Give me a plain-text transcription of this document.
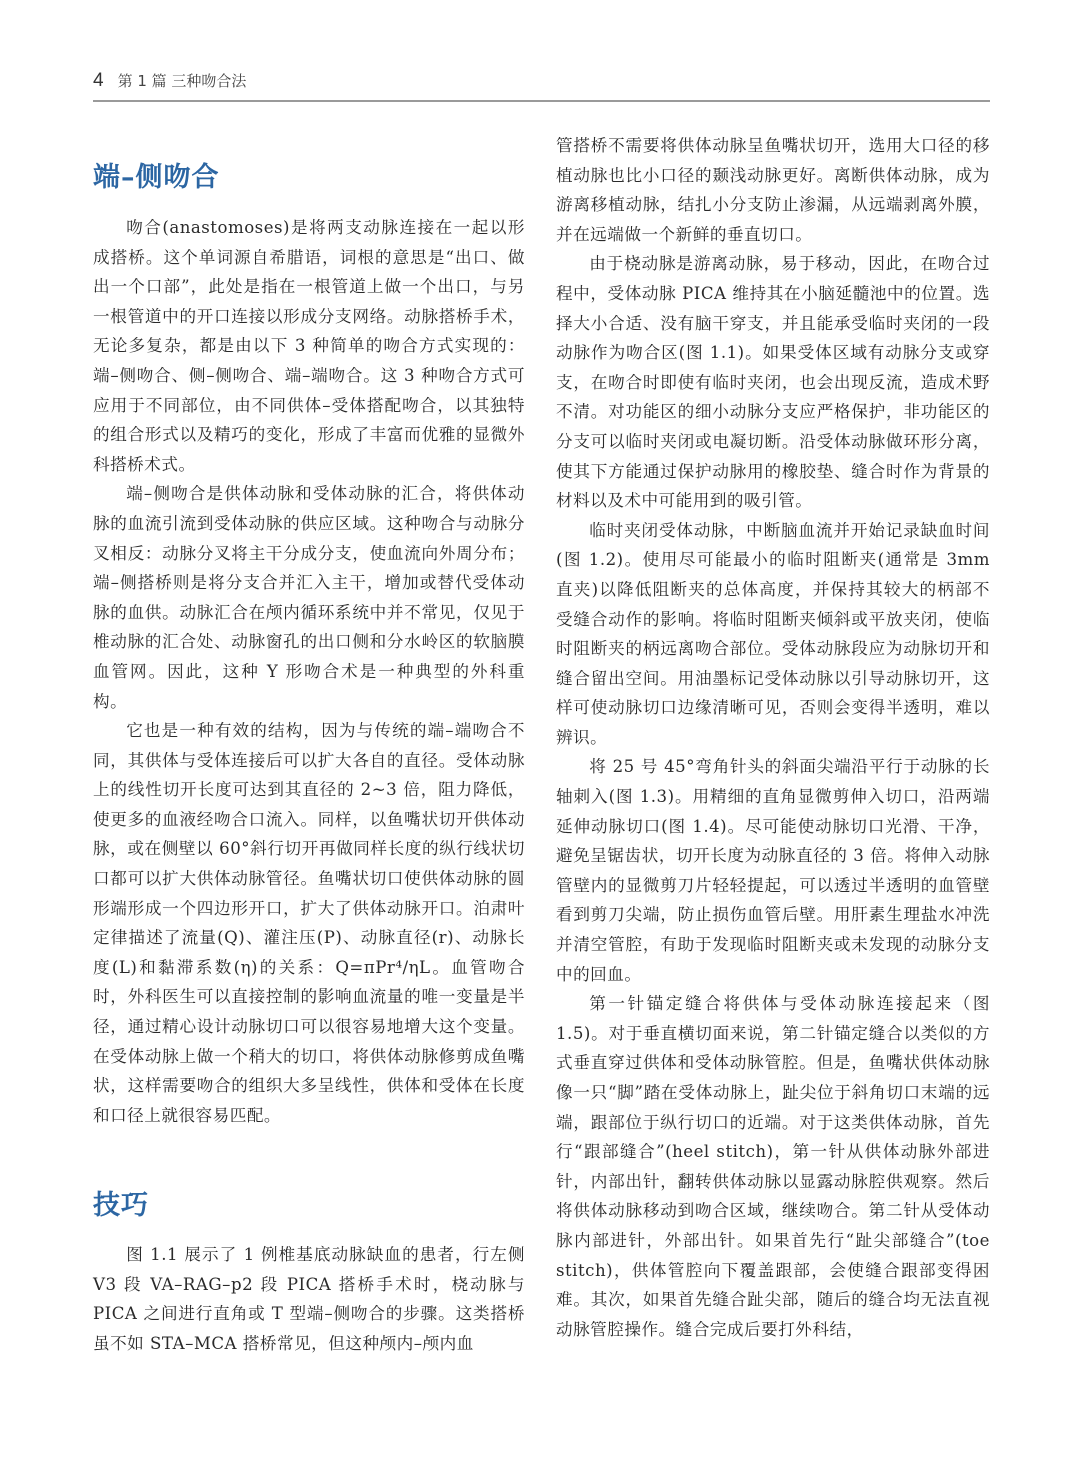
4 第 1 篇 三种吻合法
端–侧吻合

吻合(anastomoses)是将两支动脉连接在一起以形成搭桥。这个单词源自希腊语，词根的意思是“出口、做出一个口部”，此处是指在一根管道上做一个出口，与另一根管道中的开口连接以形成分支网络。动脉搭桥手术，无论多复杂，都是由以下 3 种简单的吻合方式实现的：端–侧吻合、侧–侧吻合、端–端吻合。这 3 种吻合方式可应用于不同部位，由不同供体–受体搭配吻合，以其独特的组合形式以及精巧的变化，形成了丰富而优雅的显微外科搭桥术式。

端–侧吻合是供体动脉和受体动脉的汇合，将供体动脉的血流引流到受体动脉的供应区域。这种吻合与动脉分叉相反：动脉分叉将主干分成分支，使血流向外周分布；端–侧搭桥则是将分支合并汇入主干，增加或替代受体动脉的血供。动脉汇合在颅内循环系统中并不常见，仅见于椎动脉的汇合处、动脉窗孔的出口侧和分水岭区的软脑膜血管网。因此，这种 Y 形吻合术是一种典型的外科重构。

它也是一种有效的结构，因为与传统的端–端吻合不同，其供体与受体连接后可以扩大各自的直径。受体动脉上的线性切开长度可达到其直径的 2~3 倍，阻力降低，使更多的血液经吻合口流入。同样，以鱼嘴状切开供体动脉，或在侧壁以 60°斜行切开再做同样长度的纵行线状切口都可以扩大供体动脉管径。鱼嘴状切口使供体动脉的圆形端形成一个四边形开口，扩大了供体动脉开口。泊肃叶定律描述了流量(Q)、灌注压(P)、动脉直径(r)、动脉长度(L)和黏滞系数(η)的关系：Q=πPr⁴/ηL。血管吻合时，外科医生可以直接控制的影响血流量的唯一变量是半径，通过精心设计动脉切口可以很容易地增大这个变量。在受体动脉上做一个稍大的切口，将供体动脉修剪成鱼嘴状，这样需要吻合的组织大多呈线性，供体和受体在长度和口径上就很容易匹配。

技巧

图 1.1 展示了 1 例椎基底动脉缺血的患者，行左侧 V3 段 VA–RAG–p2 段 PICA 搭桥手术时，桡动脉与 PICA 之间进行直角或 T 型端–侧吻合的步骤。这类搭桥虽不如 STA–MCA 搭桥常见，但这种颅内–颅内血

管搭桥不需要将供体动脉呈鱼嘴状切开，选用大口径的移植动脉也比小口径的颞浅动脉更好。离断供体动脉，成为游离移植动脉，结扎小分支防止渗漏，从远端剥离外膜，并在远端做一个新鲜的垂直切口。

由于桡动脉是游离动脉，易于移动，因此，在吻合过程中，受体动脉 PICA 维持其在小脑延髓池中的位置。选择大小合适、没有脑干穿支，并且能承受临时夹闭的一段动脉作为吻合区(图 1.1)。如果受体区域有动脉分支或穿支，在吻合时即使有临时夹闭，也会出现反流，造成术野不清。对功能区的细小动脉分支应严格保护，非功能区的分支可以临时夹闭或电凝切断。沿受体动脉做环形分离，使其下方能通过保护动脉用的橡胶垫、缝合时作为背景的材料以及术中可能用到的吸引管。

临时夹闭受体动脉，中断脑血流并开始记录缺血时间(图 1.2)。使用尽可能最小的临时阻断夹(通常是 3mm 直夹)以降低阻断夹的总体高度，并保持其较大的柄部不受缝合动作的影响。将临时阻断夹倾斜或平放夹闭，使临时阻断夹的柄远离吻合部位。受体动脉段应为动脉切开和缝合留出空间。用油墨标记受体动脉以引导动脉切开，这样可使动脉切口边缘清晰可见，否则会变得半透明，难以辨识。

将 25 号 45°弯角针头的斜面尖端沿平行于动脉的长轴刺入(图 1.3)。用精细的直角显微剪伸入切口，沿两端延伸动脉切口(图 1.4)。尽可能使动脉切口光滑、干净，避免呈锯齿状，切开长度为动脉直径的 3 倍。将伸入动脉管壁内的显微剪刀片轻轻提起，可以透过半透明的血管壁看到剪刀尖端，防止损伤血管后壁。用肝素生理盐水冲洗并清空管腔，有助于发现临时阻断夹或未发现的动脉分支中的回血。

第一针锚定缝合将供体与受体动脉连接起来（图 1.5)。对于垂直横切面来说，第二针锚定缝合以类似的方式垂直穿过供体和受体动脉管腔。但是，鱼嘴状供体动脉像一只“脚”踏在受体动脉上，趾尖位于斜角切口末端的远端，跟部位于纵行切口的近端。对于这类供体动脉，首先行“跟部缝合”(heel stitch)，第一针从供体动脉外部进针，内部出针，翻转供体动脉以显露动脉腔供观察。然后将供体动脉移动到吻合区域，继续吻合。第二针从受体动脉内部进针，外部出针。如果首先行“趾尖部缝合”(toe stitch)，供体管腔向下覆盖跟部，会使缝合跟部变得困难。其次，如果首先缝合趾尖部，随后的缝合均无法直视动脉管腔操作。缝合完成后要打外科结，
